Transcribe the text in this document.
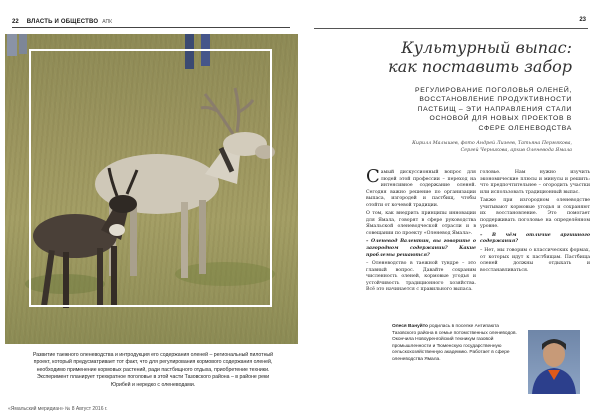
22 ВЛАСТЬ И ОБЩЕСТВО АПК
Развитие таежного оленеводства и интродукция его содержания оленей – региональный пилотный проект, который предусматривает тот факт, что для регулирования кормового содержания оленей, необходимо применение кормовых растений, ради пастбищного отдыха, приобретение техники. Эксперимент планирует трехкратное поголовье в этой части Тазовского района – в районе реки Юрибей и нередко с оленеводами.
«Ямальский меридиан» № 8 Август 2016 г.
23
Культурный выпас:
как поставить забор
РЕГУЛИРОВАНИЕ ПОГОЛОВЬЯ ОЛЕНЕЙ, ВОССТАНОВЛЕНИЕ ПРОДУКТИВНОСТИ ПАСТБИЩ – ЭТИ НАПРАВЛЕНИЯ СТАЛИ ОСНОВОЙ ДЛЯ НОВЫХ ПРОЕКТОВ В СФЕРЕ ОЛЕНЕВОДСТВА
Кирилл Малышев, фото Андрей Лизеев, Татьяна Пермякова,
Сергей Черникова, архив Оленевода Ямала

Самый дискуссионный вопрос для людей этой профессии – переход на интенсивное содержание оленей. Сегодня важно решение по организации выпаса, изгородей и пастбищ, чтобы отойти от кочевой традиции.

О том, как внедрить принципы инновации для Ямала, говорят в сфере руководства Ямальской оленеводческой отрасли и в совещании по проекту «Оленевод Ямала».

– Оленевод Валентин, вы говорите о загородном содержании? Какие проблемы решаются?

– Оленеводство в таежной тундре – это главный вопрос. Давайте сохраним численность оленей, кормовые угодья и устойчивость традиционного хозяйства. Всё это начинается с правильного выпаса.

головье. Нам нужно изучить экономические плюсы и минусы и решить: что предпочтительнее – огородить участки или использовать традиционный выпас.

Также при изгородном оленеводстве учитывают кормовые угодья и сохраняют их восстановление. Это помогает поддерживать поголовье на определённом уровне.

– В чём отличие аргишного содержания?

– Нет, мы говорим о классических формах, от которых идут к пастбищам. Пастбища оленей должны отдыхать и восстанавливаться.

Олеся Вануйто родилась в поселке Антипаюта Тазовского района в семье потомственных оленеводов. Окончила Новоуренгойский техникум газовой промышленности и Тюменскую государственную сельскохозяйственную академию. Работает в сфере оленеводства Ямала.
